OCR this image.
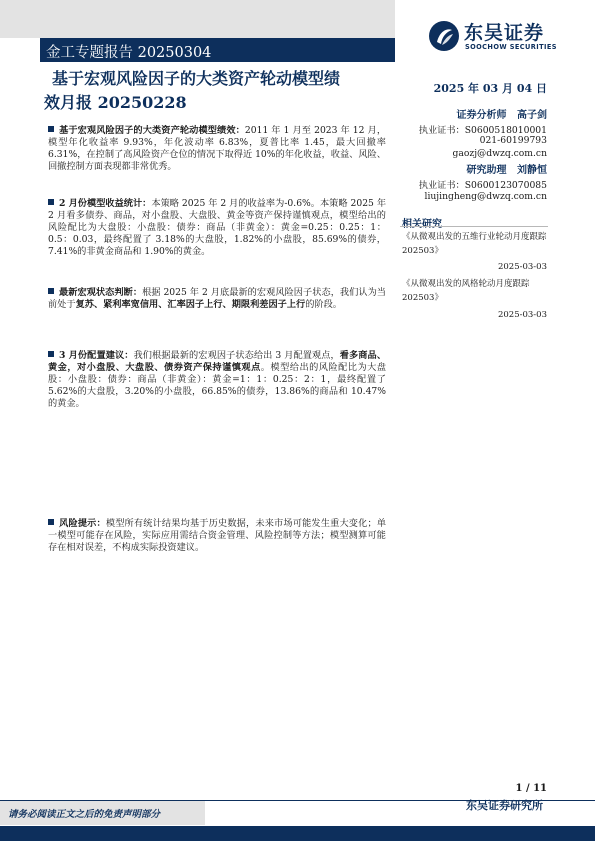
金工专题报告 20250304
东吴证券
SOOCHOW SECURITIES
基于宏观风险因子的大类资产轮动模型绩
效月报 20250228
2025 年 03 月 04 日
证券分析师 高子剑
执业证书：S0600518010001
021-60199793
gaozj@dwzq.com.cn
研究助理 刘静恒
执业证书：S0600123070085
liujingheng@dwzq.com.cn
相关研究
《从微观出发的五维行业轮动月度跟踪 202503》
2025-03-03
《从微观出发的风格轮动月度跟踪 202503》
2025-03-03
基于宏观风险因子的大类资产轮动模型绩效：2011 年 1 月至 2023 年 12 月，模型年化收益率 9.93%，年化波动率 6.83%，夏普比率 1.45，最大回撤率 6.31%，在控制了高风险资产仓位的情况下取得近 10%的年化收益，收益、风险、回撤控制方面表现都非常优秀。
2 月份模型收益统计：本策略 2025 年 2 月的收益率为-0.6%。本策略 2025 年 2 月看多债券、商品，对小盘股、大盘股、黄金等资产保持谨慎观点，模型给出的风险配比为大盘股：小盘股：债券：商品（非黄金）：黄金=0.25：0.25：1：0.5：0.03，最终配置了 3.18%的大盘股，1.82%的小盘股，85.69%的债券，7.41%的非黄金商品和 1.90%的黄金。
最新宏观状态判断：根据 2025 年 2 月底最新的宏观风险因子状态，我们认为当前处于复苏、紧利率宽信用、汇率因子上行、期限利差因子上行的阶段。
3 月份配置建议：我们根据最新的宏观因子状态给出 3 月配置观点，看多商品、黄金，对小盘股、大盘股、债券资产保持谨慎观点。模型给出的风险配比为大盘股：小盘股：债券：商品（非黄金）：黄金=1：1：0.25：2：1，最终配置了 5.62%的大盘股，3.20%的小盘股，66.85%的债券，13.86%的商品和 10.47%的黄金。
风险提示：模型所有统计结果均基于历史数据，未来市场可能发生重大变化；单一模型可能存在风险，实际应用需结合资金管理、风险控制等方法；模型测算可能存在相对误差，不构成实际投资建议。
1 / 11
请务必阅读正文之后的免责声明部分
东吴证券研究所
